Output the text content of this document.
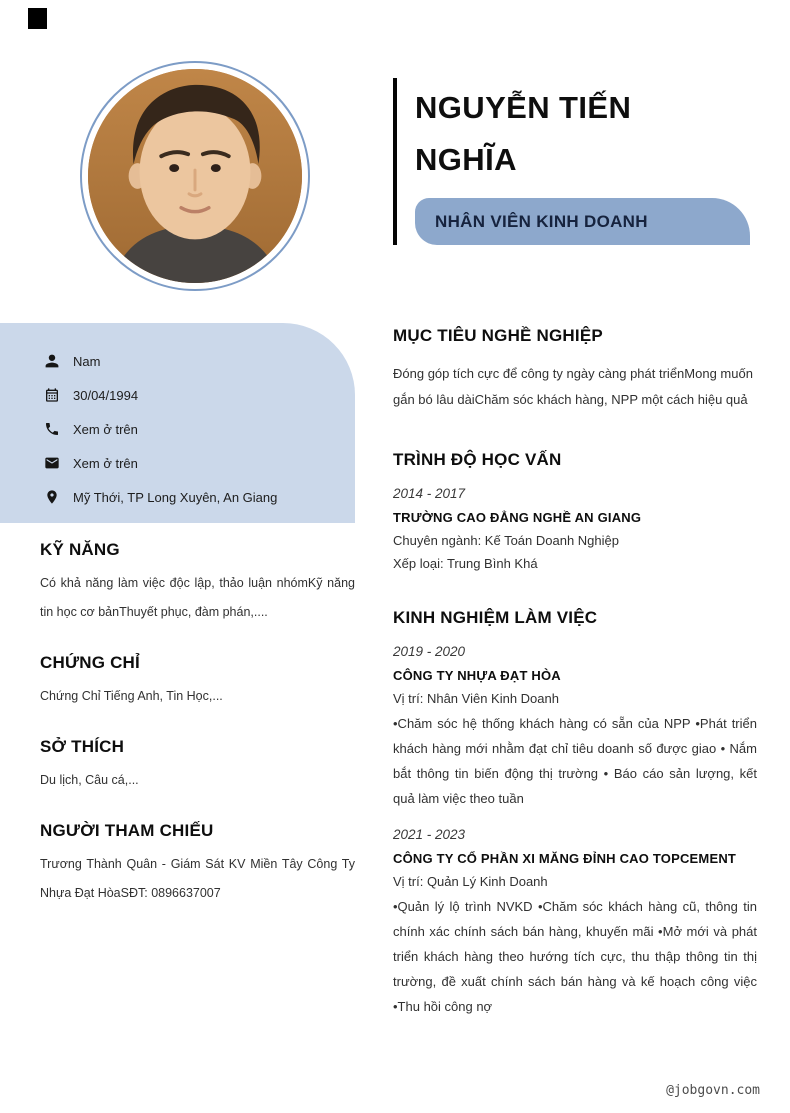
NGUYỄN TIẾN
NGHĨA
NHÂN VIÊN KINH DOANH
Nam
30/04/1994
Xem ở trên
Xem ở trên
Mỹ Thới, TP Long Xuyên, An Giang
KỸ NĂNG

Có khả năng làm việc độc lập, thảo luận nhómKỹ năng tin học cơ bảnThuyết phục, đàm phán,....

CHỨNG CHỈ

Chứng Chỉ Tiếng Anh, Tin Học,...

SỞ THÍCH

Du lịch, Câu cá,...

NGƯỜI THAM CHIẾU

Trương Thành Quân - Giám Sát KV Miền Tây Công Ty Nhựa Đạt HòaSĐT: 0896637007

MỤC TIÊU NGHỀ NGHIỆP

Đóng góp tích cực để công ty ngày càng phát triểnMong muốn gắn bó lâu dàiChăm sóc khách hàng, NPP một cách hiệu quả

TRÌNH ĐỘ HỌC VẤN
2014 - 2017
TRƯỜNG CAO ĐẲNG NGHỀ AN GIANG
Chuyên ngành: Kế Toán Doanh Nghiệp
Xếp loại: Trung Bình Khá
KINH NGHIỆM LÀM VIỆC
2019 - 2020
CÔNG TY NHỰA ĐẠT HÒA
Vị trí: Nhân Viên Kinh Doanh

•Chăm sóc hệ thống khách hàng có sẵn của NPP •Phát triển khách hàng mới nhằm đạt chỉ tiêu doanh số được giao • Nắm bắt thông tin biến động thị trường • Báo cáo sản lượng, kết quả làm việc theo tuần

2021 - 2023
CÔNG TY CỔ PHẦN XI MĂNG ĐỈNH CAO TOPCEMENT
Vị trí: Quản Lý Kinh Doanh

•Quản lý lộ trình NVKD •Chăm sóc khách hàng cũ, thông tin chính xác chính sách bán hàng, khuyến mãi •Mở mới và phát triển khách hàng theo hướng tích cực, thu thập thông tin thị trường, đề xuất chính sách bán hàng và kế hoạch công việc •Thu hồi công nợ

@jobgovn.com
